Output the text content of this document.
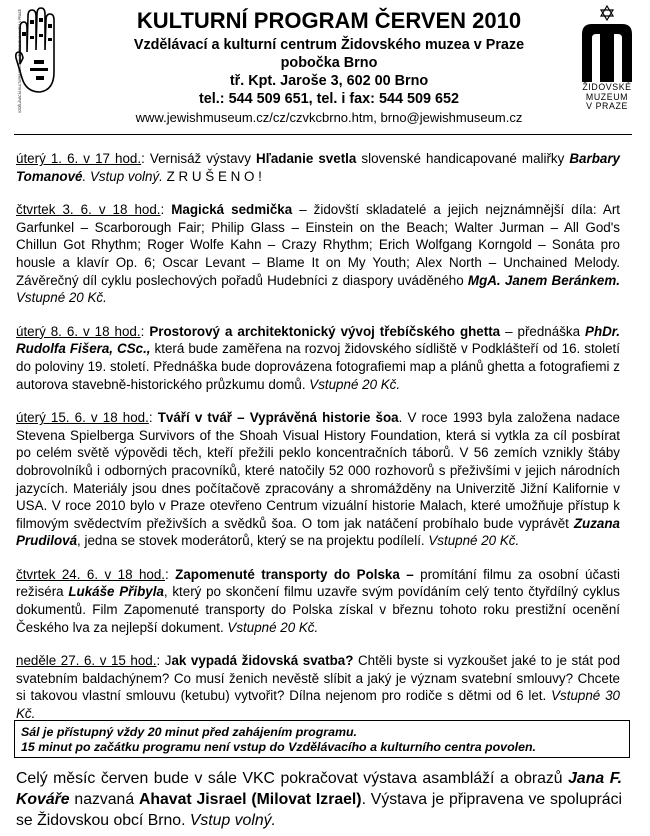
VZDĚLÁVACÍ A KULTURNÍ CENTRUM ŽIDOVSKÉHO MUZEA V PRAZE	KULTURNÍ PROGRAM ČERVEN 2010
Vzdělávací a kulturní centrum Židovského muzea v Praze
pobočka Brno
tř. Kpt. Jaroše 3, 602 00 Brno
tel.: 544 509 651, tel. i fax: 544 509 652
www.jewishmuseum.cz/cz/czvkcbrno.htm, brno@jewishmuseum.cz
ŽIDOVSKÉ
MUZEUM
V PRAZE
úterý 1. 6. v 17 hod.: Vernisáž výstavy Hľadanie svetla slovenské handicapované maliřky Barbary Tomanové. Vstup volný. Z R U Š E N O !
čtvrtek 3. 6. v 18 hod.: Magická sedmička – židovští skladatelé a jejich nejznámnější díla: Art Garfunkel – Scarborough Fair; Philip Glass – Einstein on the Beach; Walter Jurman – All God's Chillun Got Rhythm; Roger Wolfe Kahn – Crazy Rhythm; Erich Wolfgang Korngold – Sonáta pro housle a klavír Op. 6; Oscar Levant – Blame It on My Youth; Alex North – Unchained Melody. Závěrečný díl cyklu poslechových pořadů Hudebníci z diaspory uváděného MgA. Janem Beránkem. Vstupné 20 Kč.
úterý 8. 6. v 18 hod.: Prostorový a architektonický vývoj třebíčského ghetta – přednáška PhDr. Rudolfa Fišera, CSc., která bude zaměřena na rozvoj židovského sídliště v Podklášteří od 16. století do poloviny 19. století. Přednáška bude doprovázena fotografiemi map a plánů ghetta a fotografiemi z autorova stavebně-historického průzkumu domů. Vstupné 20 Kč.
úterý 15. 6. v 18 hod.: Tváří v tvář – Vyprávěná historie šoa. V roce 1993 byla založena nadace Stevena Spielberga Survivors of the Shoah Visual History Foundation, která si vytkla za cíl posbírat po celém světě výpovědi těch, kteří přežili peklo koncentračních táborů. V 56 zemích vznikly štáby dobrovolníků i odborných pracovníků, které natočily 52 000 rozhovorů s přeživšími v jejich národních jazycích. Materiály jsou dnes počítačově zpracovány a shromážděny na Univerzitě Jižní Kalifornie v USA. V roce 2010 bylo v Praze otevřeno Centrum vizuální historie Malach, které umožňuje přístup k filmovým svědectvím přeživších a svědků šoa. O tom jak natáčení probíhalo bude vyprávět Zuzana Prudilová, jedna se stovek moderátorů, který se na projektu podílelí. Vstupné 20 Kč.
čtvrtek 24. 6. v 18 hod.: Zapomenuté transporty do Polska – promítání filmu za osobní účasti režiséra Lukáše Přibyla, který po skončení filmu uzavře svým povídáním celý tento čtyřdílný cyklus dokumentů. Film Zapomenuté transporty do Polska získal v březnu tohoto roku prestižní ocenění Českého lva za nejlepší dokument. Vstupné 20 Kč.
neděle 27. 6. v 15 hod.: Jak vypadá židovská svatba? Chtěli byste si vyzkoušet jaké to je stát pod svatebním baldachýnem? Co musí ženich nevěstě slíbit a jaký je význam svatební smlouvy? Chcete si takovou vlastní smlouvu (ketubu) vytvořit? Dílna nejenom pro rodiče s dětmi od 6 let. Vstupné 30 Kč.
Sál je přístupný vždy 20 minut před zahájením programu.
15 minut po začátku programu není vstup do Vzdělávacího a kulturního centra povolen.
Celý měsíc červen bude v sále VKC pokračovat výstava asambláží a obrazů Jana F. Kováře nazvaná Ahavat Jisrael (Milovat Izrael). Výstava je připravena ve spolupráci se Židovskou obcí Brno. Vstup volný.
